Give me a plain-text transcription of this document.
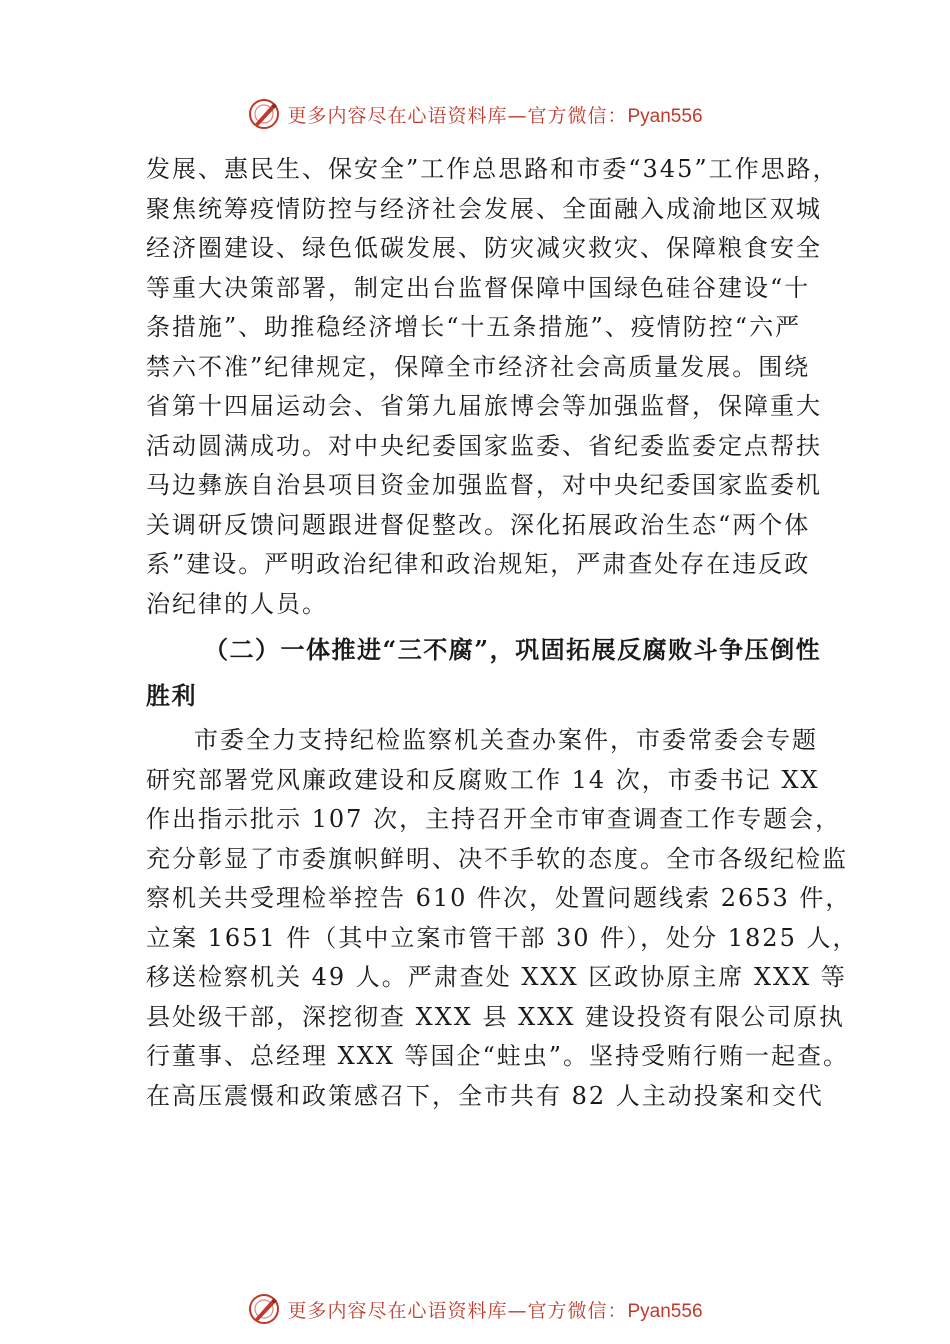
更多内容尽在心语资料库—官方微信：Pyan556
发展、惠民生、保安全”工作总思路和市委“345”工作思路，
聚焦统筹疫情防控与经济社会发展、全面融入成渝地区双城
经济圈建设、绿色低碳发展、防灾减灾救灾、保障粮食安全
等重大决策部署，制定出台监督保障中国绿色硅谷建设“十
条措施”、助推稳经济增长“十五条措施”、疫情防控“六严
禁六不准”纪律规定，保障全市经济社会高质量发展。围绕
省第十四届运动会、省第九届旅博会等加强监督，保障重大
活动圆满成功。对中央纪委国家监委、省纪委监委定点帮扶
马边彝族自治县项目资金加强监督，对中央纪委国家监委机
关调研反馈问题跟进督促整改。深化拓展政治生态“两个体
系”建设。严明政治纪律和政治规矩，严肃查处存在违反政
治纪律的人员。
（二）一体推进“三不腐”，巩固拓展反腐败斗争压倒性
胜利
市委全力支持纪检监察机关查办案件，市委常委会专题
研究部署党风廉政建设和反腐败工作 14 次，市委书记 XX
作出指示批示 107 次，主持召开全市审查调查工作专题会，
充分彰显了市委旗帜鲜明、决不手软的态度。全市各级纪检监
察机关共受理检举控告 610 件次，处置问题线索 2653 件，
立案 1651 件（其中立案市管干部 30 件），处分 1825 人，
移送检察机关 49 人。严肃查处 XXX 区政协原主席 XXX 等
县处级干部，深挖彻查 XXX 县 XXX 建设投资有限公司原执
行董事、总经理 XXX 等国企“蛀虫”。坚持受贿行贿一起查。
在高压震慑和政策感召下，全市共有 82 人主动投案和交代
更多内容尽在心语资料库—官方微信：Pyan556
